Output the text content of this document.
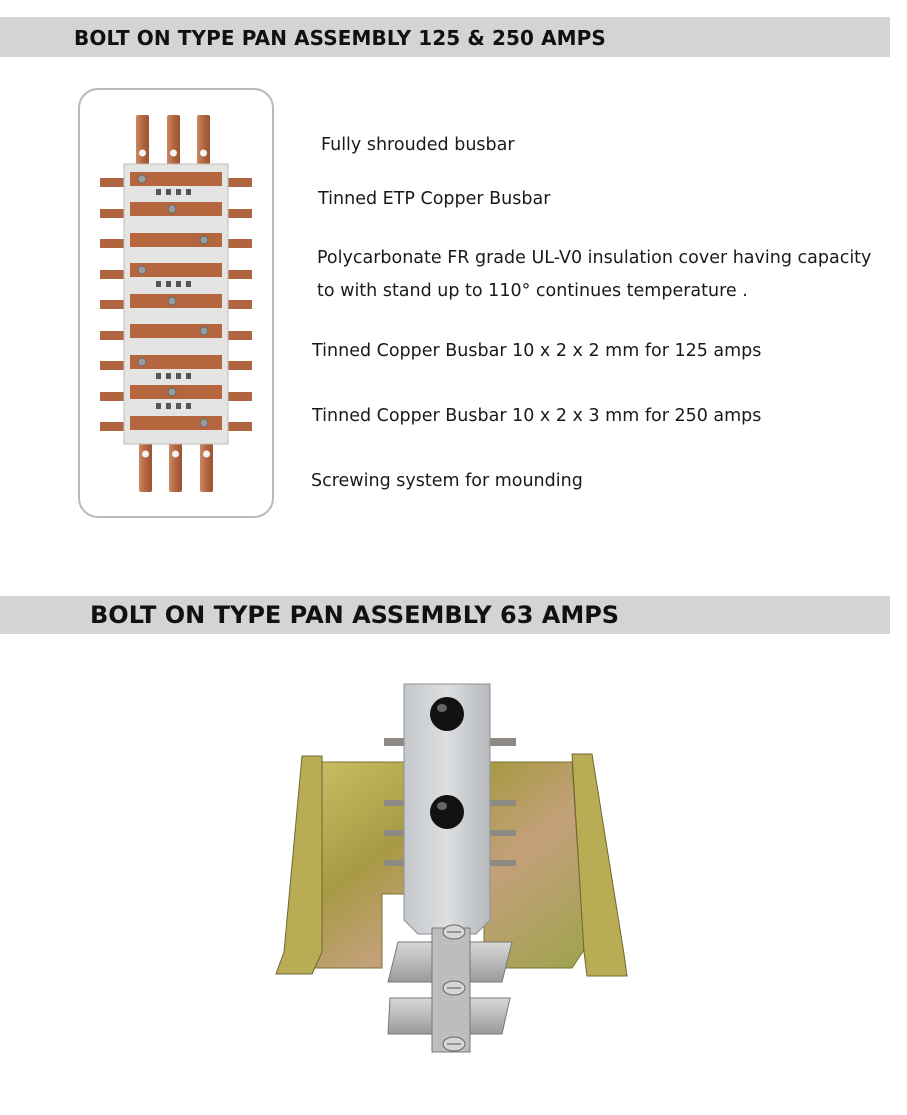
BOLT ON TYPE PAN ASSEMBLY 125 & 250 AMPS
Fully shrouded busbar
Tinned ETP Copper Busbar
Polycarbonate FR grade UL-V0 insulation cover having capacity
to with stand up to 110° continues temperature .
Tinned Copper Busbar 10 x 2 x 2 mm for 125 amps
Tinned Copper Busbar 10 x 2 x 3 mm for 250 amps
Screwing system for mounding
BOLT ON TYPE PAN ASSEMBLY 63 AMPS
